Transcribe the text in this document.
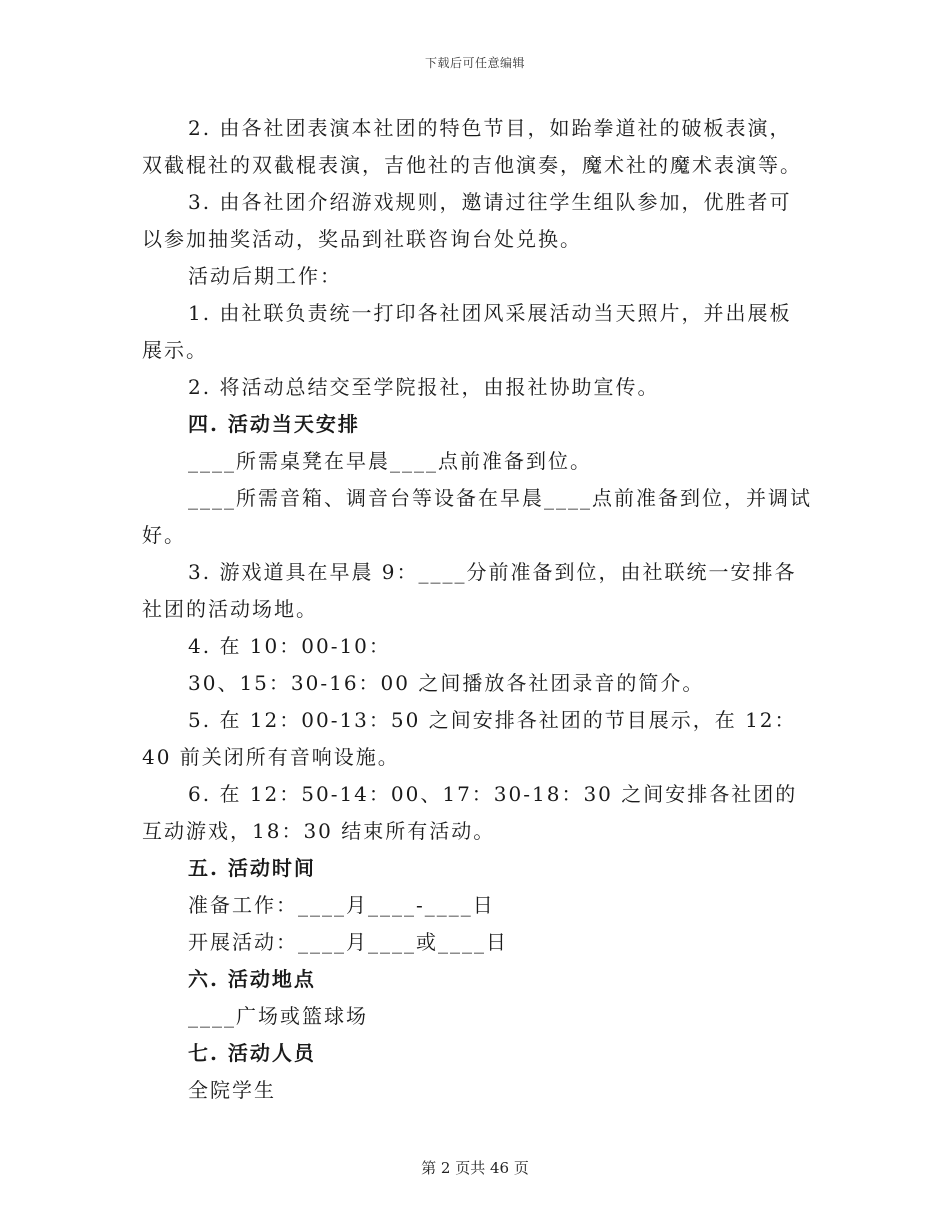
下载后可任意编辑

2. 由各社团表演本社团的特色节目，如跆拳道社的破板表演，双截棍社的双截棍表演，吉他社的吉他演奏，魔术社的魔术表演等。

3. 由各社团介绍游戏规则，邀请过往学生组队参加，优胜者可以参加抽奖活动，奖品到社联咨询台处兑换。

活动后期工作：

1. 由社联负责统一打印各社团风采展活动当天照片，并出展板展示。

2. 将活动总结交至学院报社，由报社协助宣传。

四. 活动当天安排

____所需桌凳在早晨____点前准备到位。

____所需音箱、调音台等设备在早晨____点前准备到位，并调试好。

3. 游戏道具在早晨 9：____分前准备到位，由社联统一安排各社团的活动场地。

4. 在 10：00-10：

30、15：30-16：00 之间播放各社团录音的简介。

5. 在 12：00-13：50 之间安排各社团的节目展示，在 12：40 前关闭所有音响设施。

6. 在 12：50-14：00、17：30-18：30 之间安排各社团的互动游戏，18：30 结束所有活动。

五. 活动时间

准备工作：____月____-____日

开展活动：____月____或____日

六. 活动地点

____广场或篮球场

七. 活动人员

全院学生

第 2 页共 46 页
